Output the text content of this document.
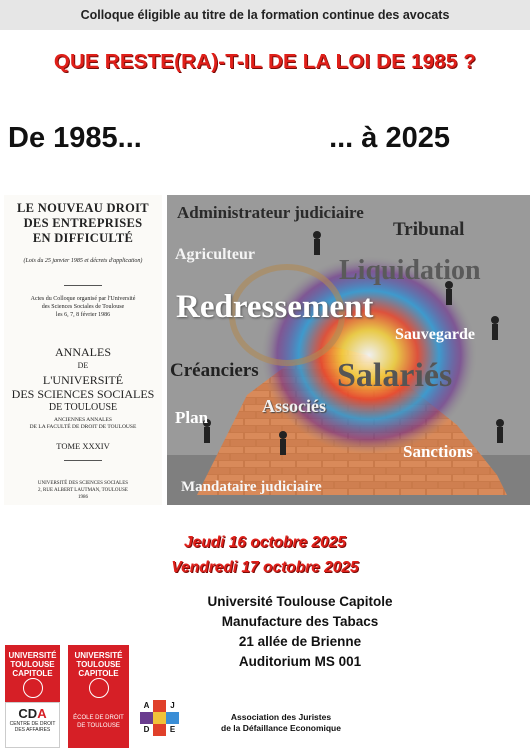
Colloque éligible au titre de la formation continue des avocats
QUE RESTE(RA)-T-IL DE LA LOI DE 1985 ?
De 1985...	... à 2025
LE NOUVEAU DROIT
DES ENTREPRISES
EN DIFFICULTÉ
(Lois du 25 janvier 1985 et décrets d'application)
Actes du Colloque organisé par l'Université
des Sciences Sociales de Toulouse
les 6, 7, 8 février 1986
ANNALES
DE
L'UNIVERSITÉ
DES SCIENCES SOCIALES
DE TOULOUSE
ANCIENNES ANNALES
DE LA FACULTÉ DE DROIT DE TOULOUSE
TOME XXXIV
UNIVERSITÉ DES SCIENCES SOCIALES
2, RUE ALBERT LAUTMAN, TOULOUSE
1986
Administrateur judiciaire
Tribunal
Agriculteur
Liquidation
Redressement
Sauvegarde
Créanciers Salariés
Plan
Associés
Sanctions
Mandataire judiciaire
Jeudi 16 octobre 2025
Vendredi 17 octobre 2025
Université Toulouse Capitole
Manufacture des Tabacs
21 allée de Brienne
Auditorium MS 001
UNIVERSITÉ
TOULOUSE
CAPITOLE
CDA
CENTRE DE DROIT
DES AFFAIRES
UNIVERSITÉ
TOULOUSE
CAPITOLE
ÉCOLE DE DROIT
DE TOULOUSE
A	J
D	E
Association des Juristes
de la Défaillance Economique
